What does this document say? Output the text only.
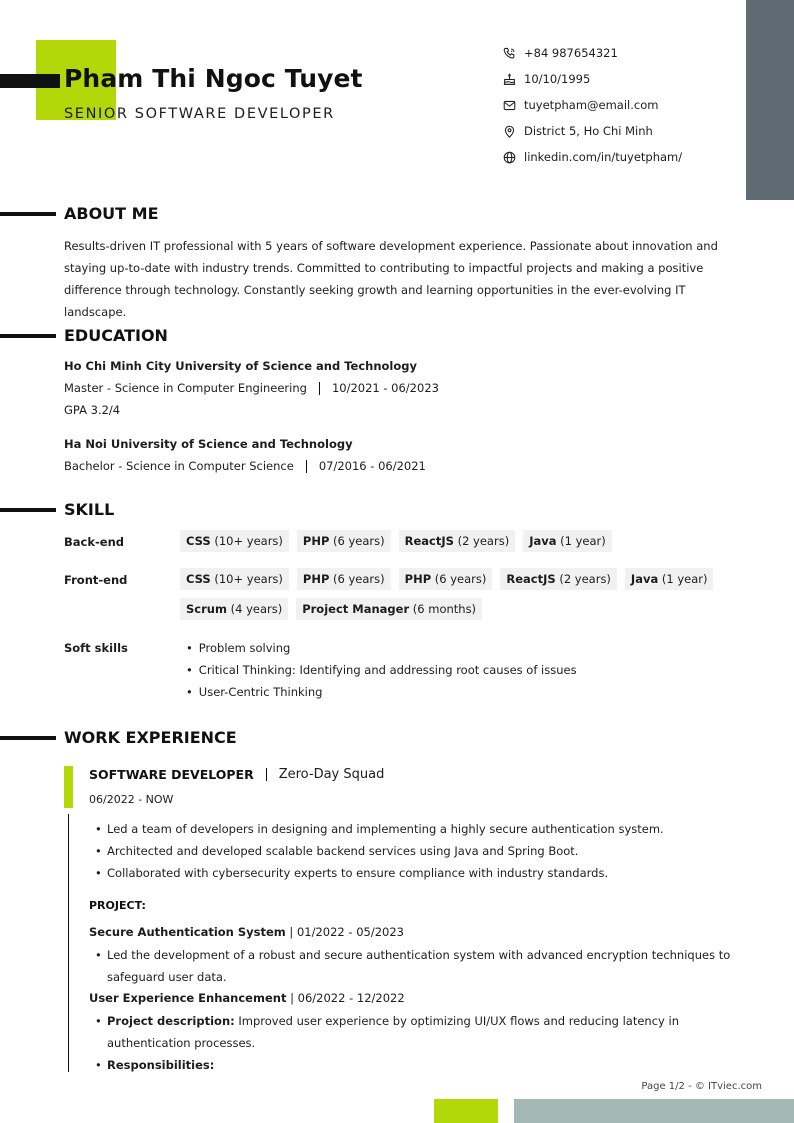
Pham Thi Ngoc Tuyet
SENIOR SOFTWARE DEVELOPER
+84 987654321
10/10/1995
tuyetpham@email.com
District 5, Ho Chi Minh
linkedin.com/in/tuyetpham/
ABOUT ME

Results-driven IT professional with 5 years of software development experience. Passionate about innovation and staying up-to-date with industry trends. Committed to contributing to impactful projects and making a positive difference through technology. Constantly seeking growth and learning opportunities in the ever-evolving IT landscape.

EDUCATION
Ho Chi Minh City University of Science and Technology
Master - Science in Computer Engineering 10/2021 - 06/2023
GPA 3.2/4
Ha Noi University of Science and Technology
Bachelor - Science in Computer Science 07/2016 - 06/2021
SKILL
Back-end	CSS (10+ years)	PHP (6 years)	ReactJS (2 years)	Java (1 year)
Front-end	CSS (10+ years)	PHP (6 years)	PHP (6 years)	ReactJS (2 years)	Java (1 year)
Scrum (4 years)	Project Manager (6 months)
Soft skills
•	Problem solving
• Critical Thinking: Identifying and addressing root causes of issues
• User-Centric Thinking
WORK EXPERIENCE
SOFTWARE DEVELOPER Zero-Day Squad
06/2022 - NOW
• Led a team of developers in designing and implementing a highly secure authentication system.
• Architected and developed scalable backend services using Java and Spring Boot.
• Collaborated with cybersecurity experts to ensure compliance with industry standards.
PROJECT:
Secure Authentication System | 01/2022 - 05/2023
• Led the development of a robust and secure authentication system with advanced encryption techniques to safeguard user data.
User Experience Enhancement | 06/2022 - 12/2022
• Project description: Improved user experience by optimizing UI/UX flows and reducing latency in authentication processes.
• Responsibilities:
Page 1/2 - © ITviec.com
